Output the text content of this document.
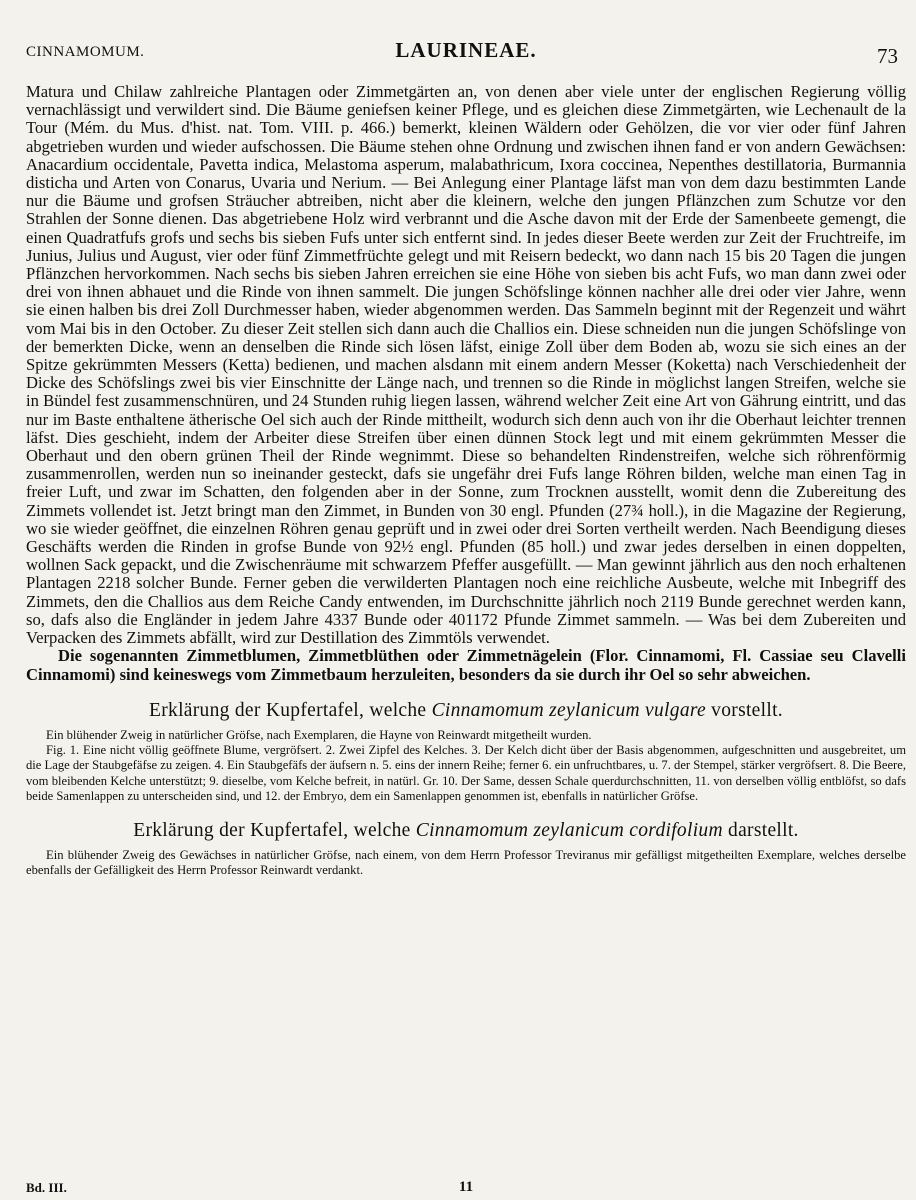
CINNAMOMUM.	LAURINEAE.	73

Matura und Chilaw zahlreiche Plantagen oder Zimmetgärten an, von denen aber viele unter der englischen Regierung völlig vernachlässigt und verwildert sind. Die Bäume geniefsen keiner Pflege, und es gleichen diese Zimmetgärten, wie Lechenault de la Tour (Mém. du Mus. d'hist. nat. Tom. VIII. p. 466.) bemerkt, kleinen Wäldern oder Gehölzen, die vor vier oder fünf Jahren abgetrieben wurden und wieder aufschossen. Die Bäume stehen ohne Ordnung und zwischen ihnen fand er von andern Gewächsen: Anacardium occidentale, Pavetta indica, Melastoma asperum, malabathricum, Ixora coccinea, Nepenthes destillatoria, Burmannia disticha und Arten von Conarus, Uvaria und Nerium. — Bei Anlegung einer Plantage läfst man von dem dazu bestimmten Lande nur die Bäume und grofsen Sträucher abtreiben, nicht aber die kleinern, welche den jungen Pflänzchen zum Schutze vor den Strahlen der Sonne dienen. Das abgetriebene Holz wird verbrannt und die Asche davon mit der Erde der Samenbeete gemengt, die einen Quadratfufs grofs und sechs bis sieben Fufs unter sich entfernt sind. In jedes dieser Beete werden zur Zeit der Fruchtreife, im Junius, Julius und August, vier oder fünf Zimmetfrüchte gelegt und mit Reisern bedeckt, wo dann nach 15 bis 20 Tagen die jungen Pflänzchen hervorkommen. Nach sechs bis sieben Jahren erreichen sie eine Höhe von sieben bis acht Fufs, wo man dann zwei oder drei von ihnen abhauet und die Rinde von ihnen sammelt. Die jungen Schöfslinge können nachher alle drei oder vier Jahre, wenn sie einen halben bis drei Zoll Durchmesser haben, wieder abgenommen werden. Das Sammeln beginnt mit der Regenzeit und währt vom Mai bis in den October. Zu dieser Zeit stellen sich dann auch die Challios ein. Diese schneiden nun die jungen Schöfslinge von der bemerkten Dicke, wenn an denselben die Rinde sich lösen läfst, einige Zoll über dem Boden ab, wozu sie sich eines an der Spitze gekrümmten Messers (Ketta) bedienen, und machen alsdann mit einem andern Messer (Koketta) nach Verschiedenheit der Dicke des Schöfslings zwei bis vier Einschnitte der Länge nach, und trennen so die Rinde in möglichst langen Streifen, welche sie in Bündel fest zusammenschnüren, und 24 Stunden ruhig liegen lassen, während welcher Zeit eine Art von Gährung eintritt, und das nur im Baste enthaltene ätherische Oel sich auch der Rinde mittheilt, wodurch sich denn auch von ihr die Oberhaut leichter trennen läfst. Dies geschieht, indem der Arbeiter diese Streifen über einen dünnen Stock legt und mit einem gekrümmten Messer die Oberhaut und den obern grünen Theil der Rinde wegnimmt. Diese so behandelten Rindenstreifen, welche sich röhrenförmig zusammenrollen, werden nun so ineinander gesteckt, dafs sie ungefähr drei Fufs lange Röhren bilden, welche man einen Tag in freier Luft, und zwar im Schatten, den folgenden aber in der Sonne, zum Trocknen ausstellt, womit denn die Zubereitung des Zimmets vollendet ist. Jetzt bringt man den Zimmet, in Bunden von 30 engl. Pfunden (27¾ holl.), in die Magazine der Regierung, wo sie wieder geöffnet, die einzelnen Röhren genau geprüft und in zwei oder drei Sorten vertheilt werden. Nach Beendigung dieses Geschäfts werden die Rinden in grofse Bunde von 92½ engl. Pfunden (85 holl.) und zwar jedes derselben in einen doppelten, wollnen Sack gepackt, und die Zwischenräume mit schwarzem Pfeffer ausgefüllt. — Man gewinnt jährlich aus den noch erhaltenen Plantagen 2218 solcher Bunde. Ferner geben die verwilderten Plantagen noch eine reichliche Ausbeute, welche mit Inbegriff des Zimmets, den die Challios aus dem Reiche Candy entwenden, im Durchschnitte jährlich noch 2119 Bunde gerechnet werden kann, so, dafs also die Engländer in jedem Jahre 4337 Bunde oder 401172 Pfunde Zimmet sammeln. — Was bei dem Zubereiten und Verpacken des Zimmets abfällt, wird zur Destillation des Zimmtöls verwendet.

Die sogenannten Zimmetblumen, Zimmetblüthen oder Zimmetnägelein (Flor. Cinnamomi, Fl. Cassiae seu Clavelli Cinnamomi) sind keineswegs vom Zimmetbaum herzuleiten, besonders da sie durch ihr Oel so sehr abweichen.

Erklärung der Kupfertafel, welche Cinnamomum zeylanicum vulgare vorstellt.

Ein blühender Zweig in natürlicher Gröfse, nach Exemplaren, die Hayne von Reinwardt mitgetheilt wurden.

Fig. 1. Eine nicht völlig geöffnete Blume, vergröfsert. 2. Zwei Zipfel des Kelches. 3. Der Kelch dicht über der Basis abgenommen, aufgeschnitten und ausgebreitet, um die Lage der Staubgefäfse zu zeigen. 4. Ein Staubgefäfs der äufsern n. 5. eins der innern Reihe; ferner 6. ein unfruchtbares, u. 7. der Stempel, stärker vergröfsert. 8. Die Beere, vom bleibenden Kelche unterstützt; 9. dieselbe, vom Kelche befreit, in natürl. Gr. 10. Der Same, dessen Schale querdurchschnitten, 11. von derselben völlig entblöfst, so dafs beide Samenlappen zu unterscheiden sind, und 12. der Embryo, dem ein Samenlappen genommen ist, ebenfalls in natürlicher Gröfse.

Erklärung der Kupfertafel, welche Cinnamomum zeylanicum cordifolium darstellt.

Ein blühender Zweig des Gewächses in natürlicher Gröfse, nach einem, von dem Herrn Professor Treviranus mir gefälligst mitgetheilten Exemplare, welches derselbe ebenfalls der Gefälligkeit des Herrn Professor Reinwardt verdankt.

Bd. III.	11
